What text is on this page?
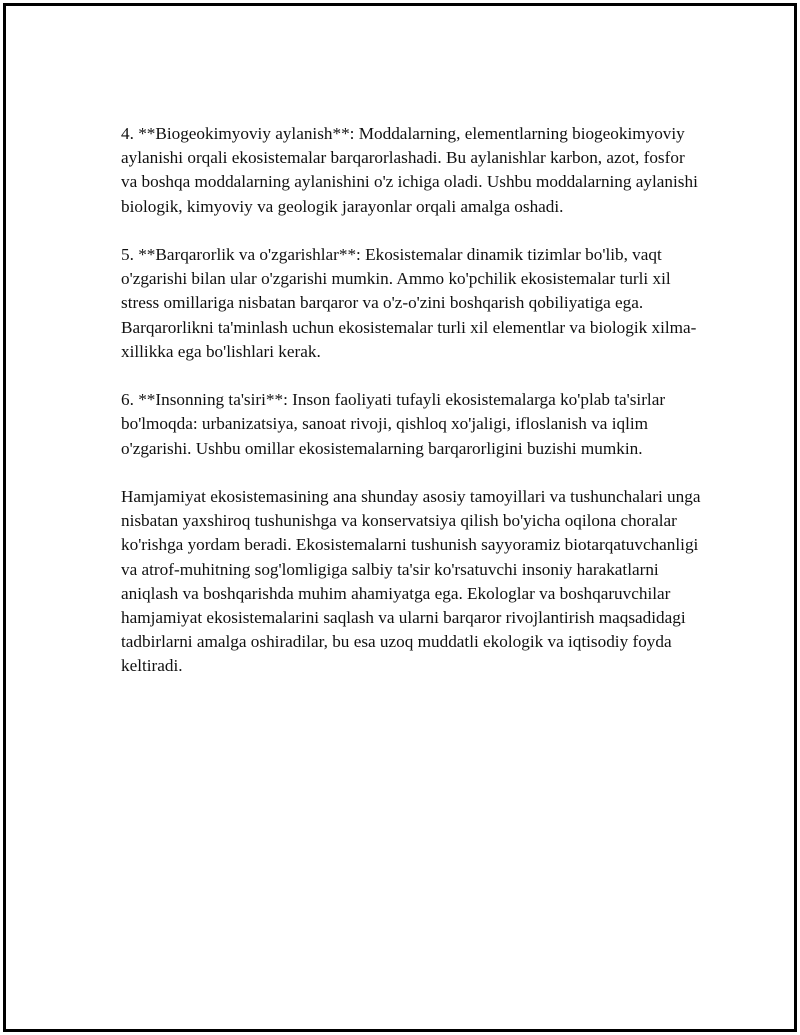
4. **Biogeokimyoviy aylanish**: Moddalarning, elementlarning biogeokimyoviy aylanishi orqali ekosistemalar barqarorlashadi. Bu aylanishlar karbon, azot, fosfor va boshqa moddalarning aylanishini o'z ichiga oladi. Ushbu moddalarning aylanishi biologik, kimyoviy va geologik jarayonlar orqali amalga oshadi.

5. **Barqarorlik va o'zgarishlar**: Ekosistemalar dinamik tizimlar bo'lib, vaqt o'zgarishi bilan ular o'zgarishi mumkin. Ammo ko'pchilik ekosistemalar turli xil stress omillariga nisbatan barqaror va o'z-o'zini boshqarish qobiliyatiga ega. Barqarorlikni ta'minlash uchun ekosistemalar turli xil elementlar va biologik xilma-xillikka ega bo'lishlari kerak.

6. **Insonning ta'siri**: Inson faoliyati tufayli ekosistemalarga ko'plab ta'sirlar bo'lmoqda: urbanizatsiya, sanoat rivoji, qishloq xo'jaligi, ifloslanish va iqlim o'zgarishi. Ushbu omillar ekosistemalarning barqarorligini buzishi mumkin.

Hamjamiyat ekosistemasining ana shunday asosiy tamoyillari va tushunchalari unga nisbatan yaxshiroq tushunishga va konservatsiya qilish bo'yicha oqilona choralar ko'rishga yordam beradi. Ekosistemalarni tushunish sayyoramiz biotarqatuvchanligi va atrof-muhitning sog'lomligiga salbiy ta'sir ko'rsatuvchi insoniy harakatlarni aniqlash va boshqarishda muhim ahamiyatga ega. Ekologlar va boshqaruvchilar hamjamiyat ekosistemalarini saqlash va ularni barqaror rivojlantirish maqsadidagi tadbirlarni amalga oshiradilar, bu esa uzoq muddatli ekologik va iqtisodiy foyda keltiradi.
